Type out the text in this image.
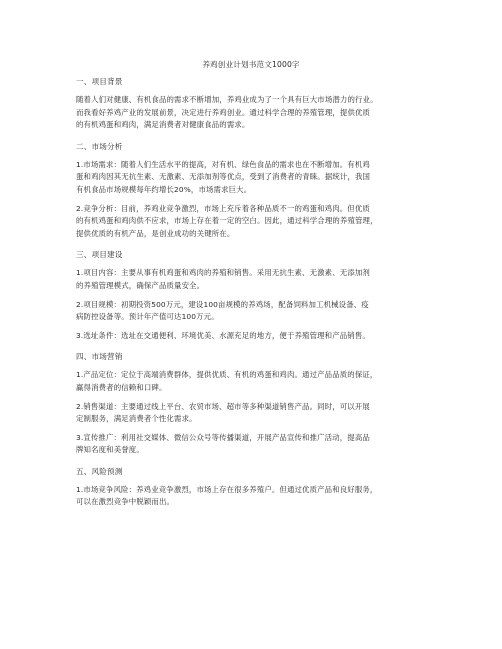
养鸡创业计划书范文1000字
一、项目背景
随着人们对健康、有机食品的需求不断增加，养鸡业成为了一个具有巨大市场潜力的行业。
而我看好养鸡产业的发展前景，决定进行养鸡创业。通过科学合理的养殖管理，提供优质
的有机鸡蛋和鸡肉，满足消费者对健康食品的需求。
二、市场分析
1.市场需求：随着人们生活水平的提高，对有机、绿色食品的需求也在不断增加。有机鸡
蛋和鸡肉因其无抗生素、无激素、无添加剂等优点，受到了消费者的青睐。据统计，我国
有机食品市场规模每年约增长20%，市场需求巨大。
2.竞争分析：目前，养鸡业竞争激烈，市场上充斥着各种品质不一的鸡蛋和鸡肉。但优质
的有机鸡蛋和鸡肉供不应求，市场上存在着一定的空白。因此，通过科学合理的养殖管理，
提供优质的有机产品，是创业成功的关键所在。
三、项目建设
1.项目内容：主要从事有机鸡蛋和鸡肉的养殖和销售。采用无抗生素、无激素、无添加剂
的养殖管理模式，确保产品质量安全。
2.项目规模：初期投资500万元，建设100亩规模的养鸡场，配备饲料加工机械设备、疫
病防控设备等。预计年产值可达100万元。
3.选址条件：选址在交通便利、环境优美、水源充足的地方，便于养殖管理和产品销售。
四、市场营销
1.产品定位：定位于高端消费群体，提供优质、有机的鸡蛋和鸡肉。通过产品品质的保证，
赢得消费者的信赖和口碑。
2.销售渠道：主要通过线上平台、农贸市场、超市等多种渠道销售产品。同时，可以开展
定制服务，满足消费者个性化需求。
3.宣传推广：利用社交媒体、微信公众号等传播渠道，开展产品宣传和推广活动，提高品
牌知名度和美誉度。
五、风险预测
1.市场竞争风险：养鸡业竞争激烈，市场上存在很多养殖户。但通过优质产品和良好服务，
可以在激烈竞争中脱颖而出。
